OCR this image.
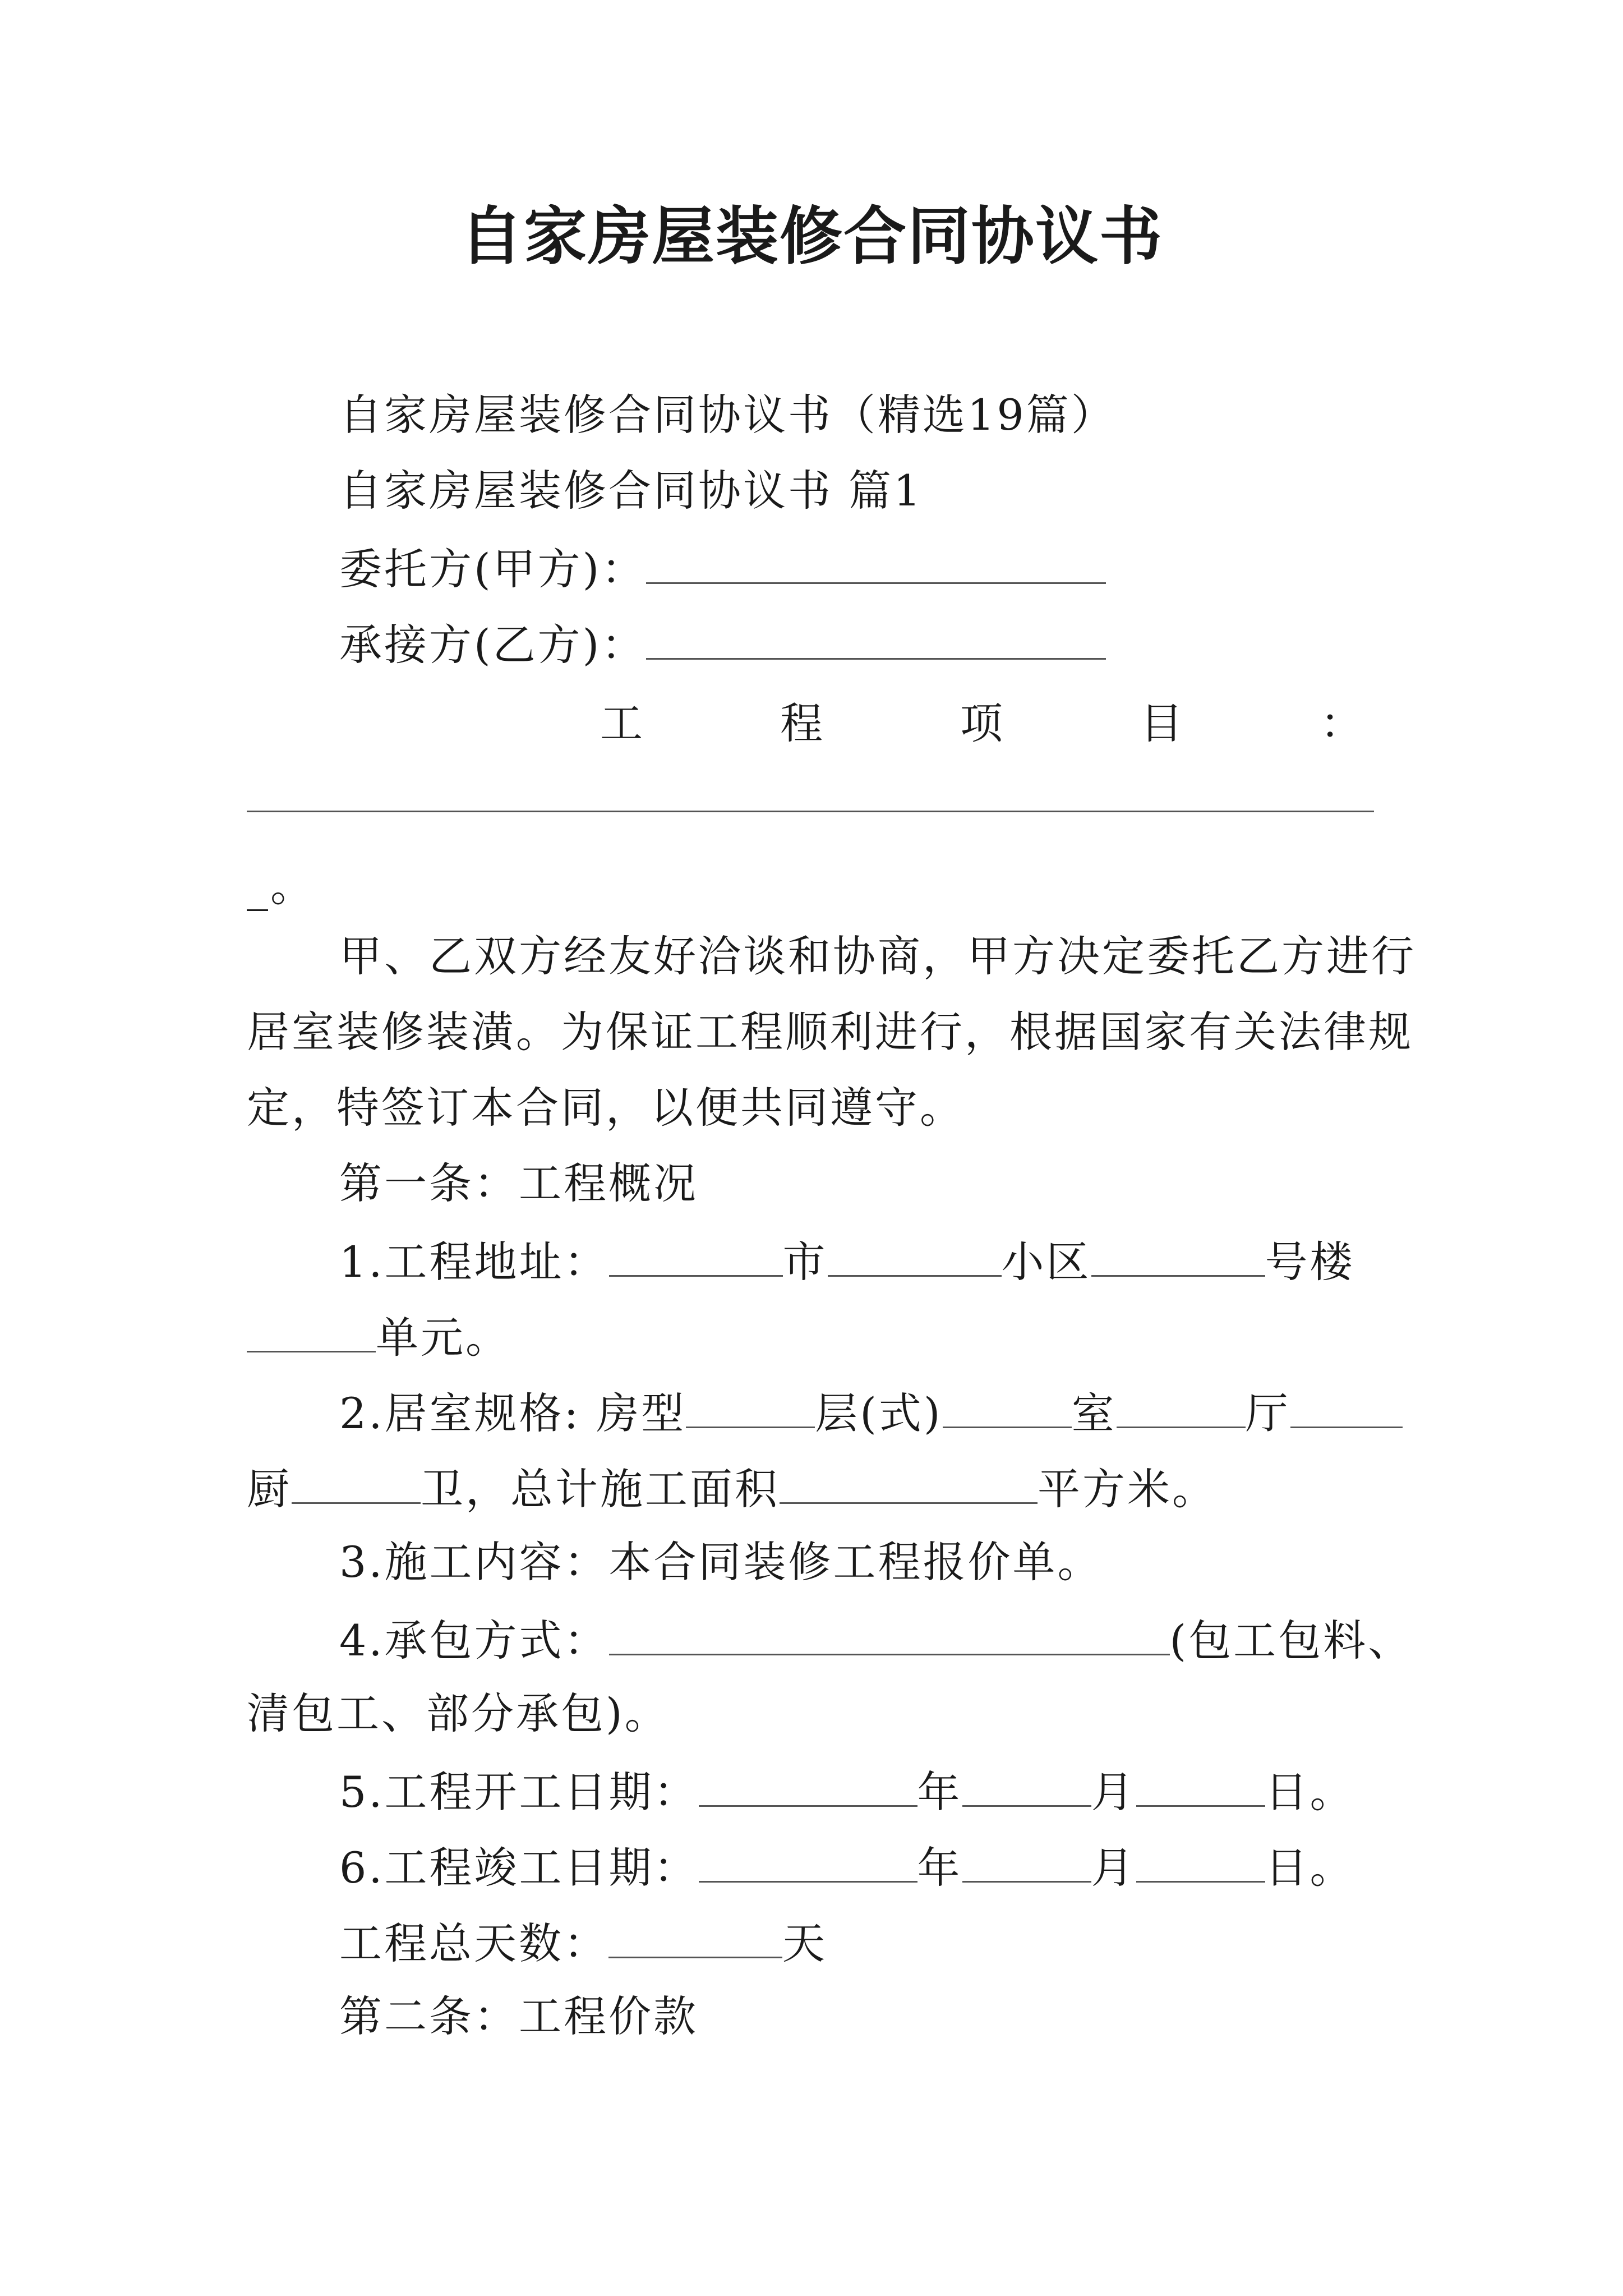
自家房屋装修合同协议书
自家房屋装修合同协议书（精选19篇）
自家房屋装修合同协议书 篇1
委托方(甲方)：
承接方(乙方)：
工	程	项	目	：
_。
甲、乙双方经友好洽谈和协商，甲方决定委托乙方进行
居室装修装潢。为保证工程顺利进行，根据国家有关法律规
定，特签订本合同，以便共同遵守。
第一条：工程概况
1.工程地址：	市	小区	号楼
单元。
2.居室规格: 房型	层(式)	室	厅
厨	卫，总计施工面积	平方米。
3.施工内容：本合同装修工程报价单。
4.承包方式：	(包工包料、
清包工、部分承包)。
5.工程开工日期：	年	月	日。
6.工程竣工日期：	年	月	日。
工程总天数：	天
第二条：工程价款
